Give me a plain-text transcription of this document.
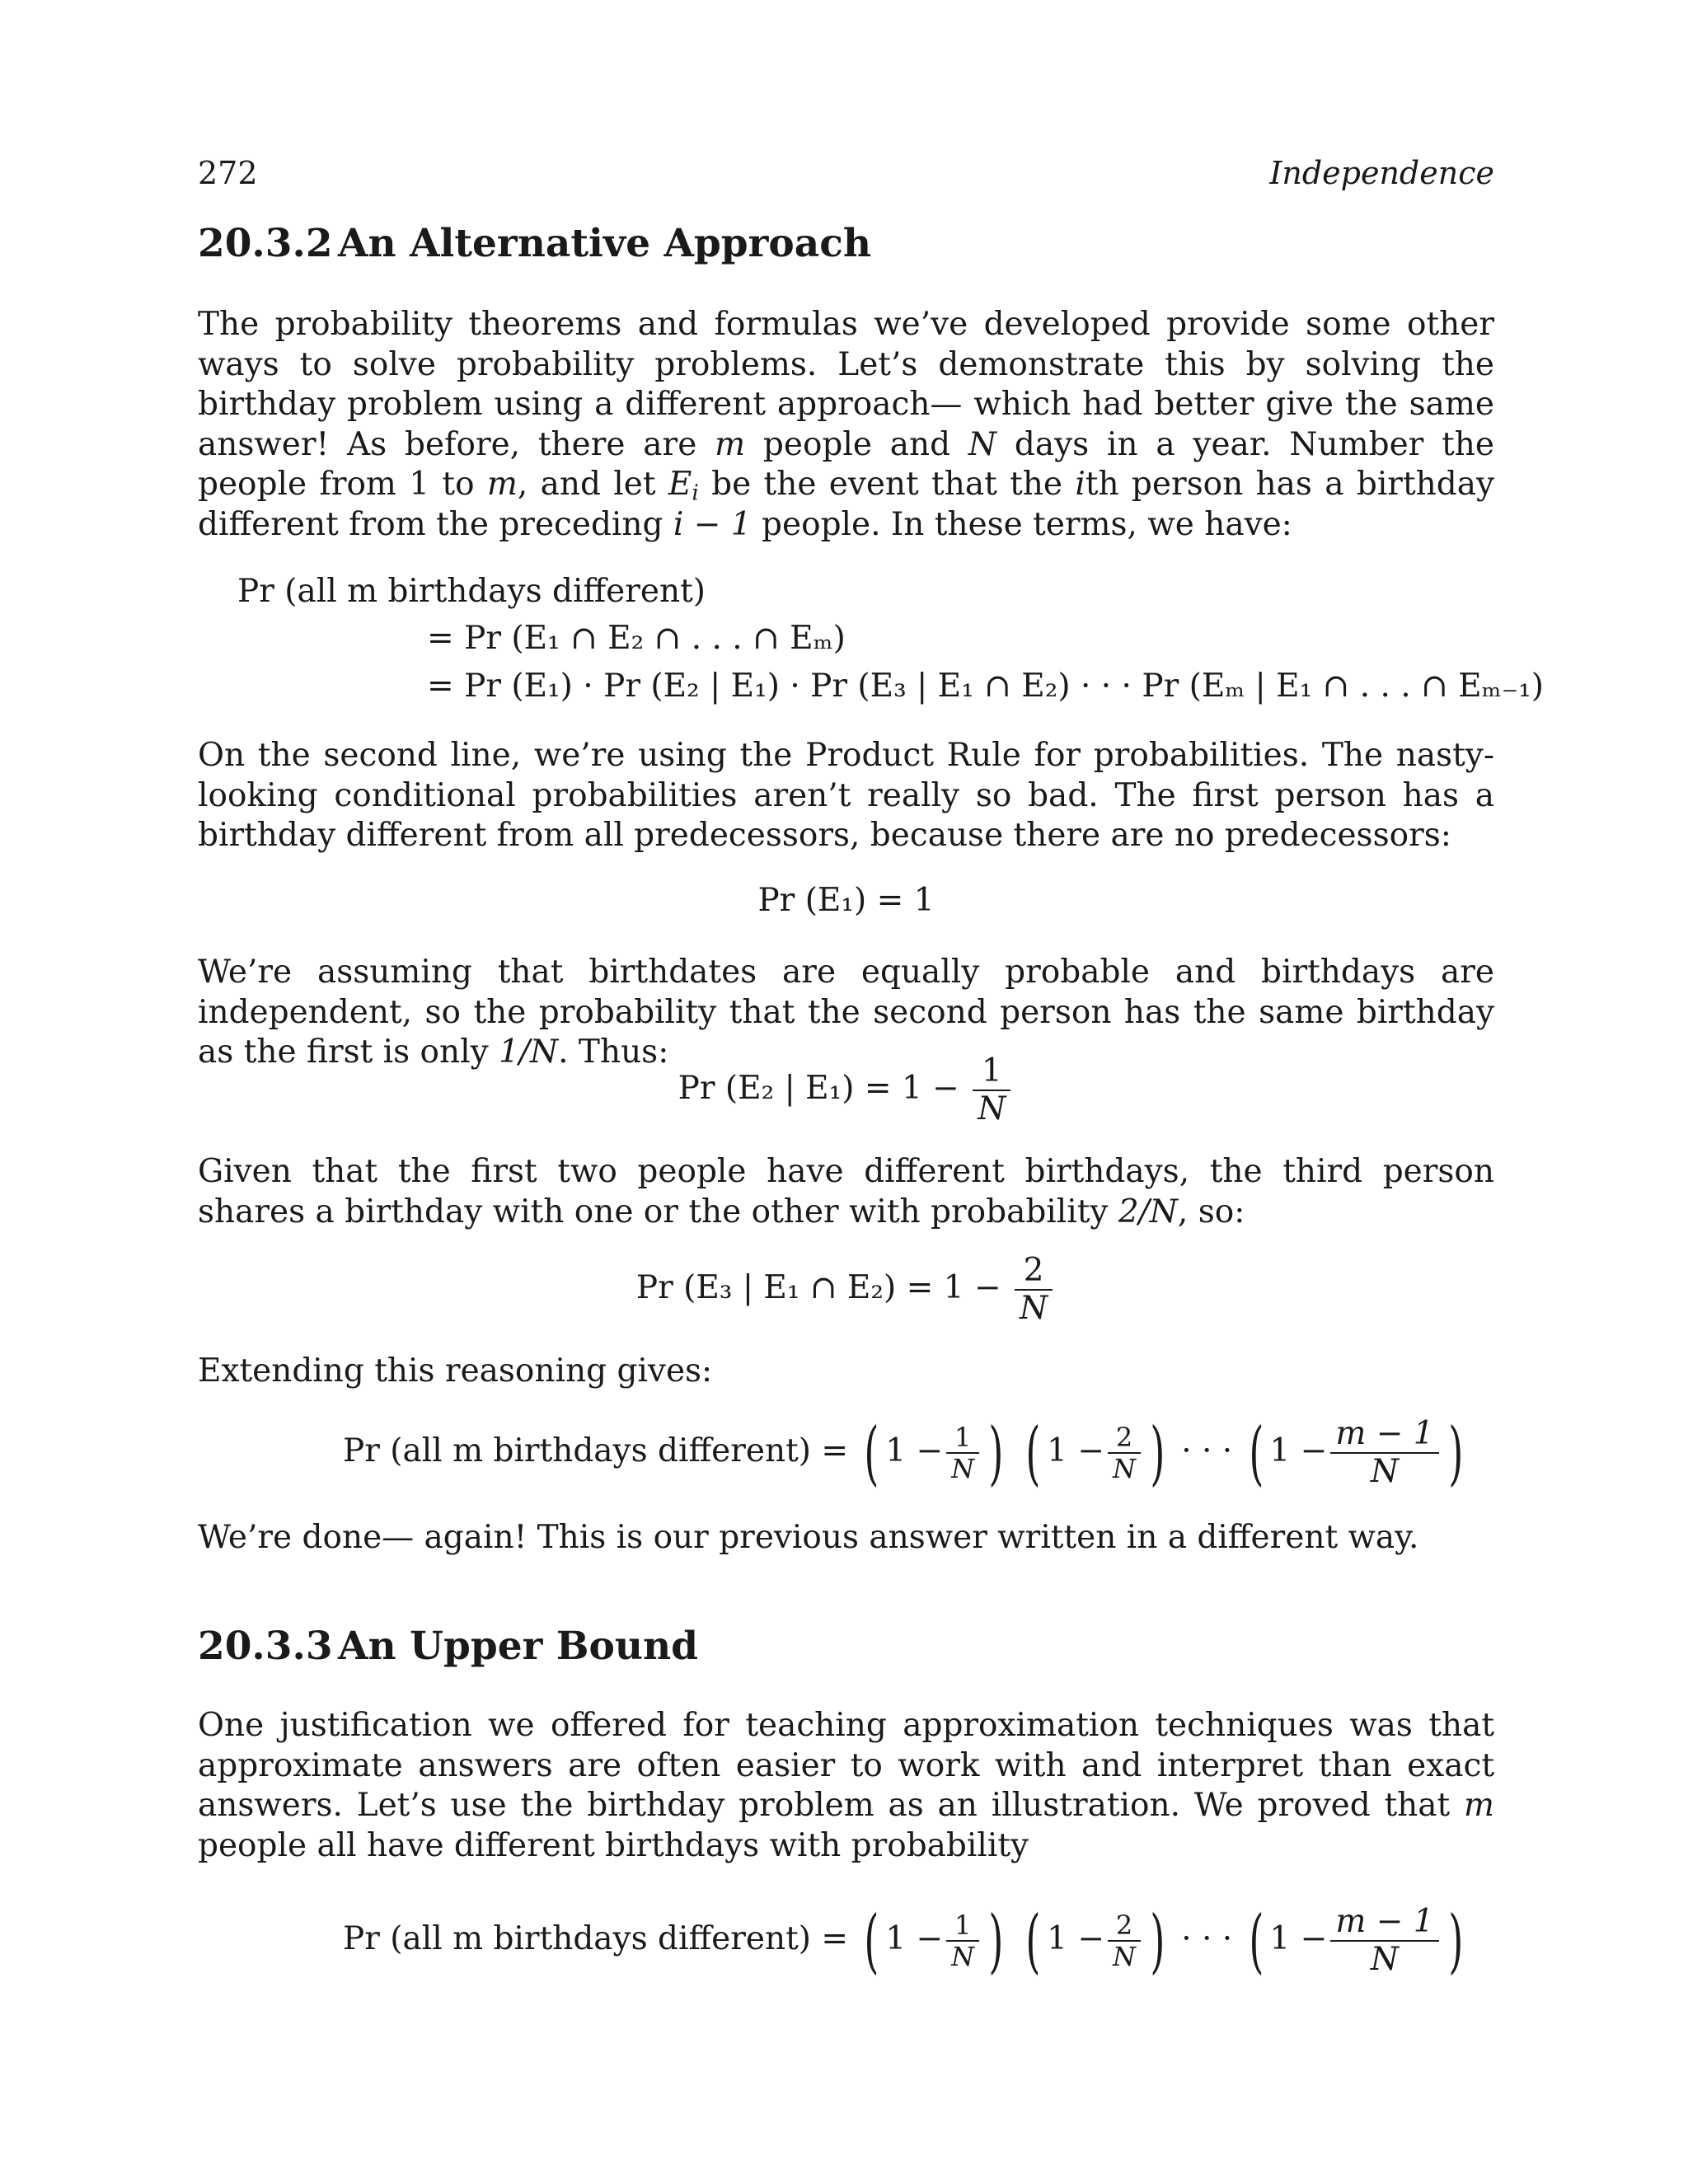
272	Independence
20.3.2 An Alternative Approach

The probability theorems and formulas we’ve developed provide some other ways to solve probability problems. Let’s demonstrate this by solving the birthday problem using a different approach— which had better give the same answer! As before, there are m people and N days in a year. Number the people from 1 to m, and let $E_i$ be the event that the ith person has a birthday different from the preceding i − 1 people. In these terms, we have:

Pr (all m birthdays different)
= Pr (E₁ ∩ E₂ ∩ . . . ∩ Eₘ)
= Pr (E₁) · Pr (E₂ | E₁) · Pr (E₃ | E₁ ∩ E₂) · · · Pr (Eₘ | E₁ ∩ . . . ∩ Eₘ₋₁)

On the second line, we’re using the Product Rule for probabilities. The nasty-looking conditional probabilities aren’t really so bad. The first person has a birthday different from all predecessors, because there are no predecessors:

Pr (E₁) = 1

We’re assuming that birthdates are equally probable and birthdays are independent, so the probability that the second person has the same birthday as the first is only 1/N. Thus:

Pr (E₂ | $E_1) = 1 - \frac{1}{N}$

Given that the first two people have different birthdays, the third person shares a birthday with one or the other with probability 2/N, so:

Pr (E₃ | E₁ ∩ $E_2) = 1 - \frac{2}{N}$

Extending this reasoning gives:

Pr (all m birthdays different) = ( $1 - \frac{1}{N}$ ) ( $1 - \frac{2}{N}$ ) · · · ( $1 - \frac{m - 1}{N}$ )

We’re done— again! This is our previous answer written in a different way.

20.3.3 An Upper Bound

One justification we offered for teaching approximation techniques was that approximate answers are often easier to work with and interpret than exact answers. Let’s use the birthday problem as an illustration. We proved that m people all have different birthdays with probability

Pr (all m birthdays different) = ( $1 - \frac{1}{N}$ ) ( $1 - \frac{2}{N}$ ) · · · ( $1 - \frac{m - 1}{N}$ )
